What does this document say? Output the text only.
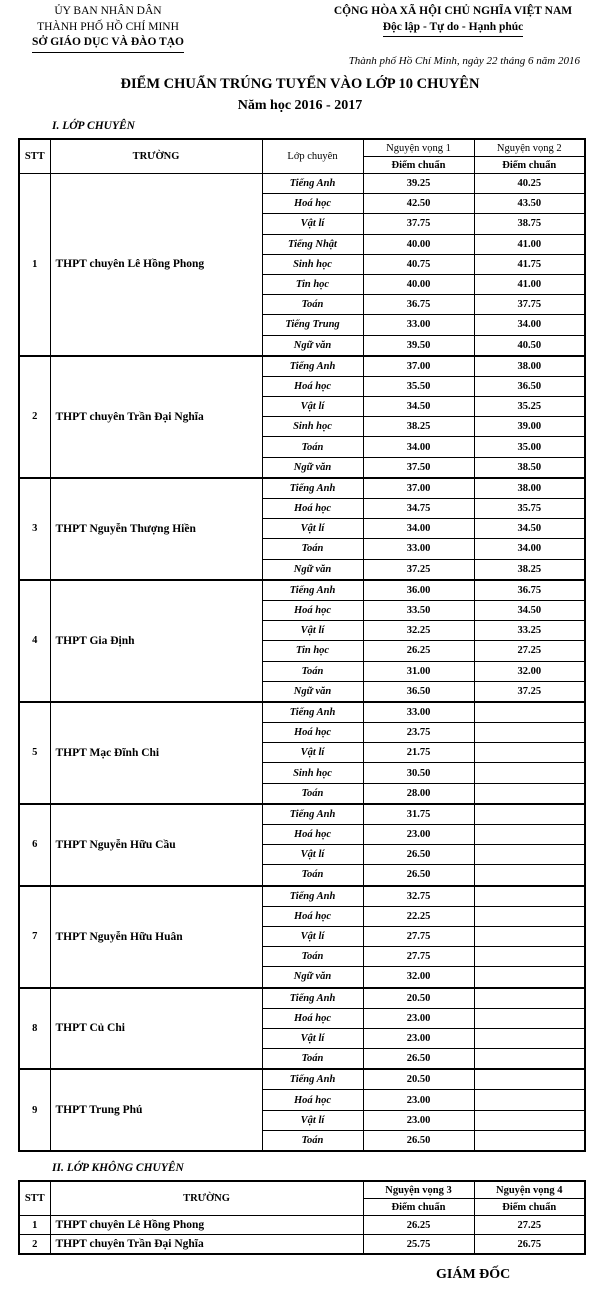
ỦY BAN NHÂN DÂN
THÀNH PHỐ HỒ CHÍ MINH
SỞ GIÁO DỤC VÀ ĐÀO TẠO
CỘNG HÒA XÃ HỘI CHỦ NGHĨA VIỆT NAM
Độc lập - Tự do - Hạnh phúc
Thành phố Hồ Chí Minh, ngày 22 tháng 6 năm 2016
ĐIỂM CHUẨN TRÚNG TUYỂN VÀO LỚP 10 CHUYÊN
Năm học 2016 - 2017
I. LỚP CHUYÊN
STT	TRƯỜNG	Lớp chuyên	Nguyện vọng 1	Nguyện vọng 2
			Điểm chuẩn	Điểm chuẩn
1	THPT chuyên Lê Hồng Phong	Tiếng Anh	39.25	40.25
		Hoá học	42.50	43.50
		Vật lí	37.75	38.75
		Tiếng Nhật	40.00	41.00
		Sinh học	40.75	41.75
		Tin học	40.00	41.00
		Toán	36.75	37.75
		Tiếng Trung	33.00	34.00
		Ngữ văn	39.50	40.50
2	THPT chuyên Trần Đại Nghĩa	Tiếng Anh	37.00	38.00
		Hoá học	35.50	36.50
		Vật lí	34.50	35.25
		Sinh học	38.25	39.00
		Toán	34.00	35.00
		Ngữ văn	37.50	38.50
3	THPT Nguyễn Thượng Hiền	Tiếng Anh	37.00	38.00
		Hoá học	34.75	35.75
		Vật lí	34.00	34.50
		Toán	33.00	34.00
		Ngữ văn	37.25	38.25
4	THPT Gia Định	Tiếng Anh	36.00	36.75
		Hoá học	33.50	34.50
		Vật lí	32.25	33.25
		Tin học	26.25	27.25
		Toán	31.00	32.00
		Ngữ văn	36.50	37.25
5	THPT Mạc Đĩnh Chi	Tiếng Anh	33.00	
		Hoá học	23.75	
		Vật lí	21.75	
		Sinh học	30.50	
		Toán	28.00	
6	THPT Nguyễn Hữu Cầu	Tiếng Anh	31.75	
		Hoá học	23.00	
		Vật lí	26.50	
		Toán	26.50	
7	THPT Nguyễn Hữu Huân	Tiếng Anh	32.75	
		Hoá học	22.25	
		Vật lí	27.75	
		Toán	27.75	
		Ngữ văn	32.00	
8	THPT Củ Chi	Tiếng Anh	20.50	
		Hoá học	23.00	
		Vật lí	23.00	
		Toán	26.50	
9	THPT Trung Phú	Tiếng Anh	20.50	
		Hoá học	23.00	
		Vật lí	23.00	
		Toán	26.50	
II. LỚP KHÔNG CHUYÊN
STT	TRƯỜNG	Nguyện vọng 3	Nguyện vọng 4
		Điểm chuẩn	Điểm chuẩn
1	THPT chuyên Lê Hồng Phong	26.25	27.25
2	THPT chuyên Trần Đại Nghĩa	25.75	26.75
GIÁM ĐỐC
